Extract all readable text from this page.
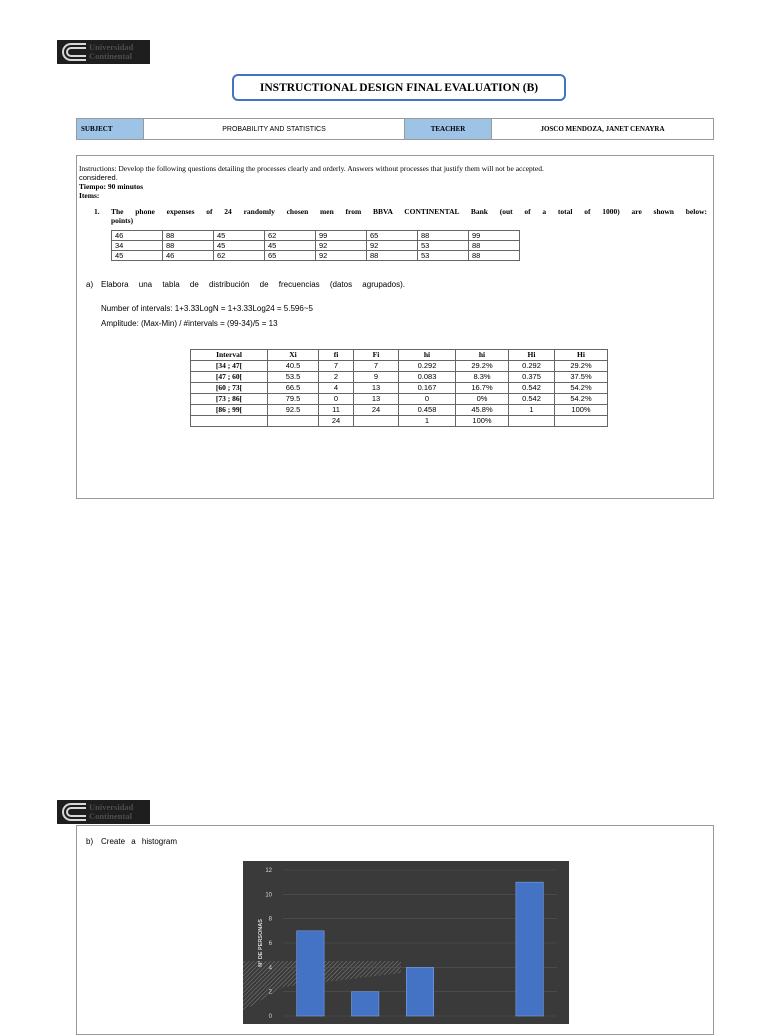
Universidad
Continental
INSTRUCTIONAL DESIGN FINAL EVALUATION (B)
SUBJECT	PROBABILITY AND STATISTICS	TEACHER	JOSCO MENDOZA, JANET CENAYRA
Instructions: Develop the following questions detailing the processes clearly and orderly. Answers without processes that justify them will not be accepted.
considered.
Tiempo: 90 minutos
Items:
1.	The phone expenses of 24 randomly chosen men from BBVA CONTINENTAL Bank (out of a total of 1000) are shown below:
points)
46	88	45	62	99	65	88	99
34	88	45	45	92	92	53	88
45	46	62	65	92	88	53	88
a) Elabora una tabla de distribución de frecuencias (datos agrupados).
Number of intervals: 1+3.33LogN = 1+3.33Log24 = 5.596~5
Amplitude: (Max-Min) / #intervals = (99-34)/5 = 13
Interval	Xi	fi	Fi	hi	hi	Hi	Hi
[34 ; 47[	40.5	7	7	0.292	29.2%	0.292	29.2%
[47 ; 60[	53.5	2	9	0.083	8.3%	0.375	37.5%
[60 ; 73[	66.5	4	13	0.167	16.7%	0.542	54.2%
[73 ; 86[	79.5	0	13	0	0%	0.542	54.2%
[86 ; 99[	92.5	11	24	0.458	45.8%	1	100%
		24		1	100%		
Universidad
Continental
b) Create a histogram
0
2
4
6
8
10
12
N° DE PERSONAS
